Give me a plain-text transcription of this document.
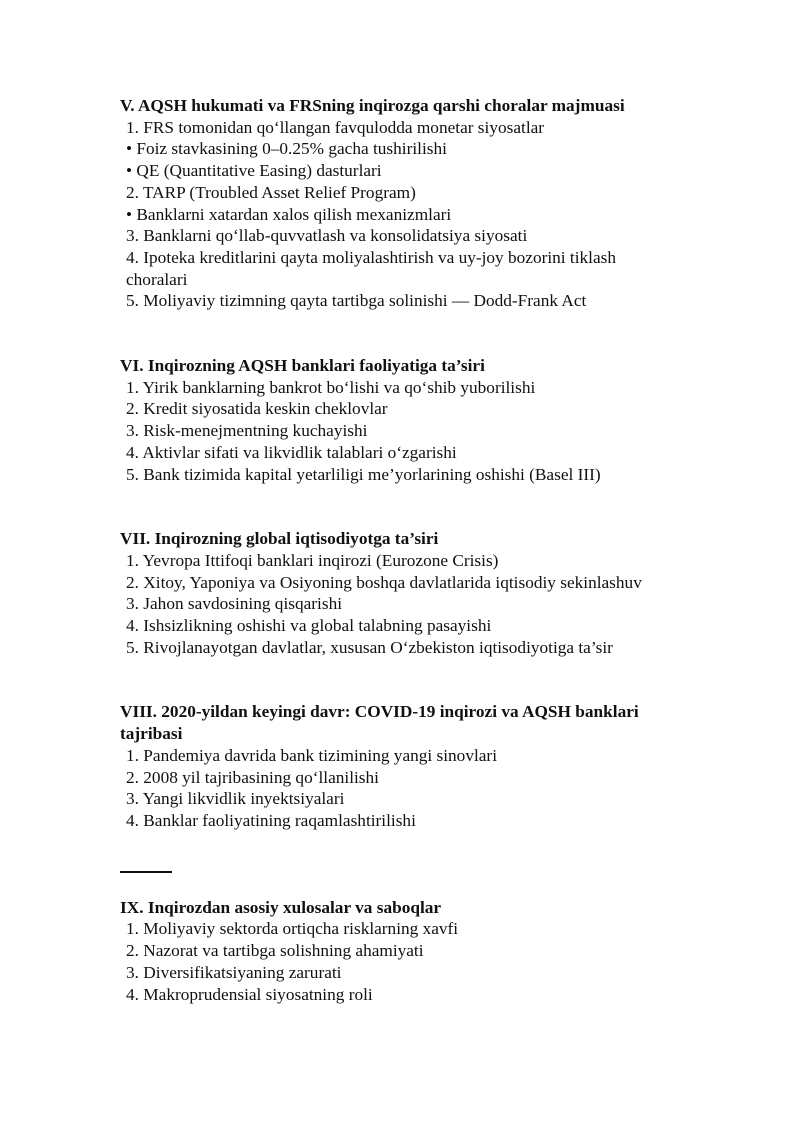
V. AQSH hukumati va FRSning inqirozga qarshi choralar majmuasi

1. FRS tomonidan qo‘llangan favqulodda monetar siyosatlar

• Foiz stavkasining 0–0.25% gacha tushirilishi

• QE (Quantitative Easing) dasturlari

2. TARP (Troubled Asset Relief Program)

• Banklarni xatardan xalos qilish mexanizmlari

3. Banklarni qo‘llab-quvvatlash va konsolidatsiya siyosati

4. Ipoteka kreditlarini qayta moliyalashtirish va uy-joy bozorini tiklash choralari

5. Moliyaviy tizimning qayta tartibga solinishi — Dodd-Frank Act

VI. Inqirozning AQSH banklari faoliyatiga ta’siri

1. Yirik banklarning bankrot bo‘lishi va qo‘shib yuborilishi

2. Kredit siyosatida keskin cheklovlar

3. Risk-menejmentning kuchayishi

4. Aktivlar sifati va likvidlik talablari o‘zgarishi

5. Bank tizimida kapital yetarliligi me’yorlarining oshishi (Basel III)

VII. Inqirozning global iqtisodiyotga ta’siri

1. Yevropa Ittifoqi banklari inqirozi (Eurozone Crisis)

2. Xitoy, Yaponiya va Osiyoning boshqa davlatlarida iqtisodiy sekinlashuv

3. Jahon savdosining qisqarishi

4. Ishsizlikning oshishi va global talabning pasayishi

5. Rivojlanayotgan davlatlar, xususan O‘zbekiston iqtisodiyotiga ta’sir

VIII. 2020-yildan keyingi davr: COVID-19 inqirozi va AQSH banklari tajribasi

1. Pandemiya davrida bank tizimining yangi sinovlari

2. 2008 yil tajribasining qo‘llanilishi

3. Yangi likvidlik inyektsiyalari

4. Banklar faoliyatining raqamlashtirilishi

IX. Inqirozdan asosiy xulosalar va saboqlar

1. Moliyaviy sektorda ortiqcha risklarning xavfi

2. Nazorat va tartibga solishning ahamiyati

3. Diversifikatsiyaning zarurati

4. Makroprudensial siyosatning roli
